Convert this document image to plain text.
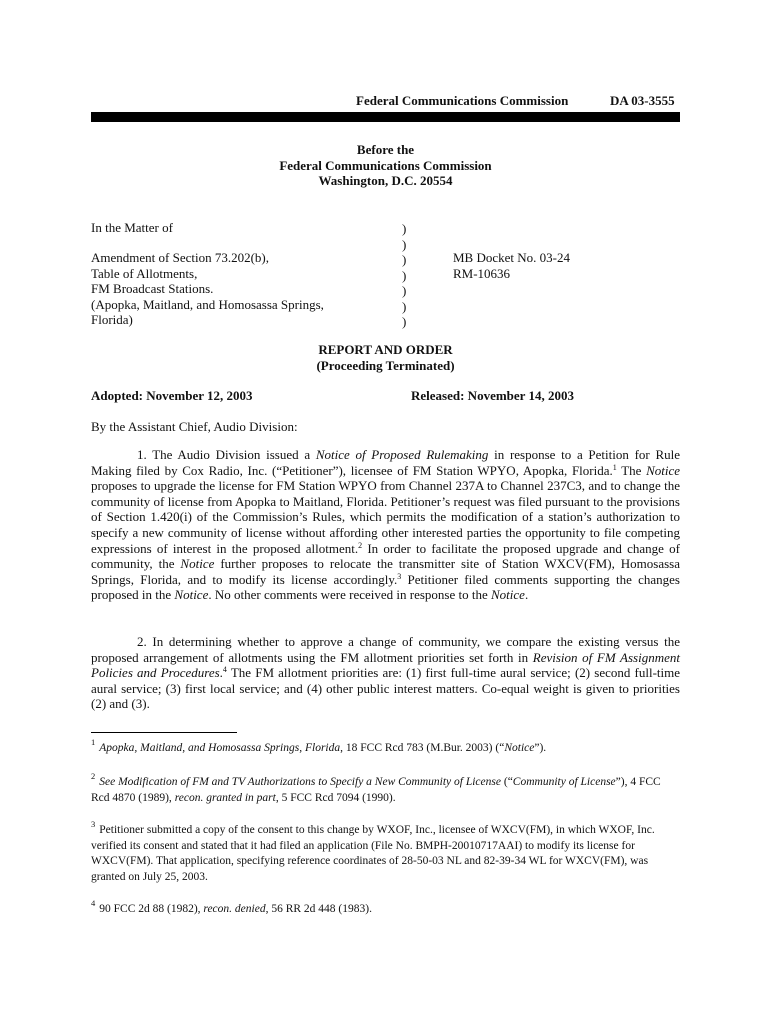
Federal Communications Commission	DA 03-3555
Before the
Federal Communications Commission
Washington, D.C. 20554
In the Matter of
Amendment of Section 73.202(b),
Table of Allotments,
FM Broadcast Stations.
(Apopka, Maitland, and Homosassa Springs,
Florida)
)
)
)
)
)
)
)
MB Docket No. 03-24
RM-10636
REPORT AND ORDER
(Proceeding Terminated)
Adopted: November 12, 2003	Released: November 14, 2003
By the Assistant Chief, Audio Division:

1. The Audio Division issued a Notice of Proposed Rulemaking in response to a Petition for Rule Making filed by Cox Radio, Inc. (“Petitioner”), licensee of FM Station WPYO, Apopka, Florida.$^1$ The Notice proposes to upgrade the license for FM Station WPYO from Channel 237A to Channel 237C3, and to change the community of license from Apopka to Maitland, Florida. Petitioner’s request was filed pursuant to the provisions of Section 1.420(i) of the Commission’s Rules, which permits the modification of a station’s authorization to specify a new community of license without affording other interested parties the opportunity to file competing expressions of interest in the proposed allotment.$^2$ In order to facilitate the proposed upgrade and change of community, the Notice further proposes to relocate the transmitter site of Station WXCV(FM), Homosassa Springs, Florida, and to modify its license accordingly.$^3$ Petitioner filed comments supporting the changes proposed in the Notice. No other comments were received in response to the Notice.

2. In determining whether to approve a change of community, we compare the existing versus the proposed arrangement of allotments using the FM allotment priorities set forth in Revision of FM Assignment Policies and Procedures.$^4$ The FM allotment priorities are: (1) first full-time aural service; (2) second full-time aural service; (3) first local service; and (4) other public interest matters. Co-equal weight is given to priorities (2) and (3).

$^1$ Apopka, Maitland, and Homosassa Springs, Florida, 18 FCC Rcd 783 (M.Bur. 2003) (“Notice”).
$^2$ See Modification of FM and TV Authorizations to Specify a New Community of License (“Community of License”), 4 FCC Rcd 4870 (1989), recon. granted in part, 5 FCC Rcd 7094 (1990).
$^3$ Petitioner submitted a copy of the consent to this change by WXOF, Inc., licensee of WXCV(FM), in which WXOF, Inc. verified its consent and stated that it had filed an application (File No. BMPH-20010717AAI) to modify its license for WXCV(FM). That application, specifying reference coordinates of 28-50-03 NL and 82-39-34 WL for WXCV(FM), was granted on July 25, 2003.
$^4$ 90 FCC 2d 88 (1982), recon. denied, 56 RR 2d 448 (1983).
